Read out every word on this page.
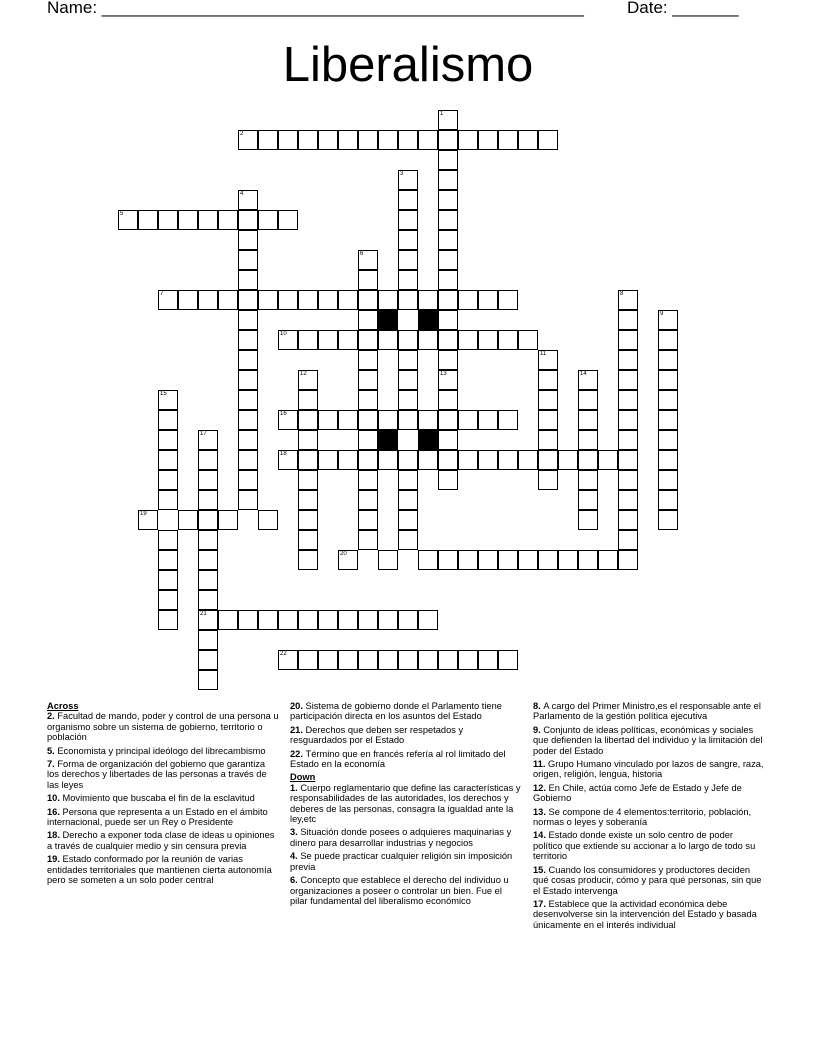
Name: ___________________________________________________	Date: _______
Liberalismo
1
2
3
4
5
6
7	8
9
10
11
12	13	14
15
16
17
18
19
20
21
22
Across
2. Facultad de mando, poder y control de una persona u organismo sobre un sistema de gobierno, territorio o población
5. Economista y principal ideólogo del librecambismo
7. Forma de organización del gobierno que garantiza los derechos y libertades de las personas a través de las leyes
10. Movimiento que buscaba el fin de la esclavitud
16. Persona que representa a un Estado en el ámbito internacional, puede ser un Rey o Presidente
18. Derecho a exponer toda clase de ideas u opiniones a través de cualquier medio y sin censura previa
19. Estado conformado por la reunión de varias entidades territoriales que mantienen cierta autonomía pero se someten a un solo poder central
20. Sistema de gobierno donde el Parlamento tiene participación directa en los asuntos del Estado
21. Derechos que deben ser respetados y resguardados por el Estado
22. Término que en francés refería al rol limitado del Estado en la economía
Down
1. Cuerpo reglamentario que define las características y responsabilidades de las autoridades, los derechos y deberes de las personas, consagra la igualdad ante la ley,etc
3. Situación donde posees o adquieres maquinarias y dinero para desarrollar industrias y negocios
4. Se puede practicar cualquier religión sin imposición previa
6. Concepto que establece el derecho del individuo u organizaciones a poseer o controlar un bien. Fue el pilar fundamental del liberalismo económico
8. A cargo del Primer Ministro,es el responsable ante el Parlamento de la gestión política ejecutiva
9. Conjunto de ideas políticas, económicas y sociales que defienden la libertad del individuo y la limitación del poder del Estado
11. Grupo Humano vinculado por lazos de sangre, raza, origen, religión, lengua, historia
12. En Chile, actúa como Jefe de Estado y Jefe de Gobierno
13. Se compone de 4 elementos:territorio, población, normas o leyes y soberanía
14. Estado donde existe un solo centro de poder político que extiende su accionar a lo largo de todo su territorio
15. Cuando los consumidores y productores deciden qué cosas producir, cómo y para qué personas, sin que el Estado intervenga
17. Establece que la actividad económica debe desenvolverse sin la intervención del Estado y basada únicamente en el interés individual
